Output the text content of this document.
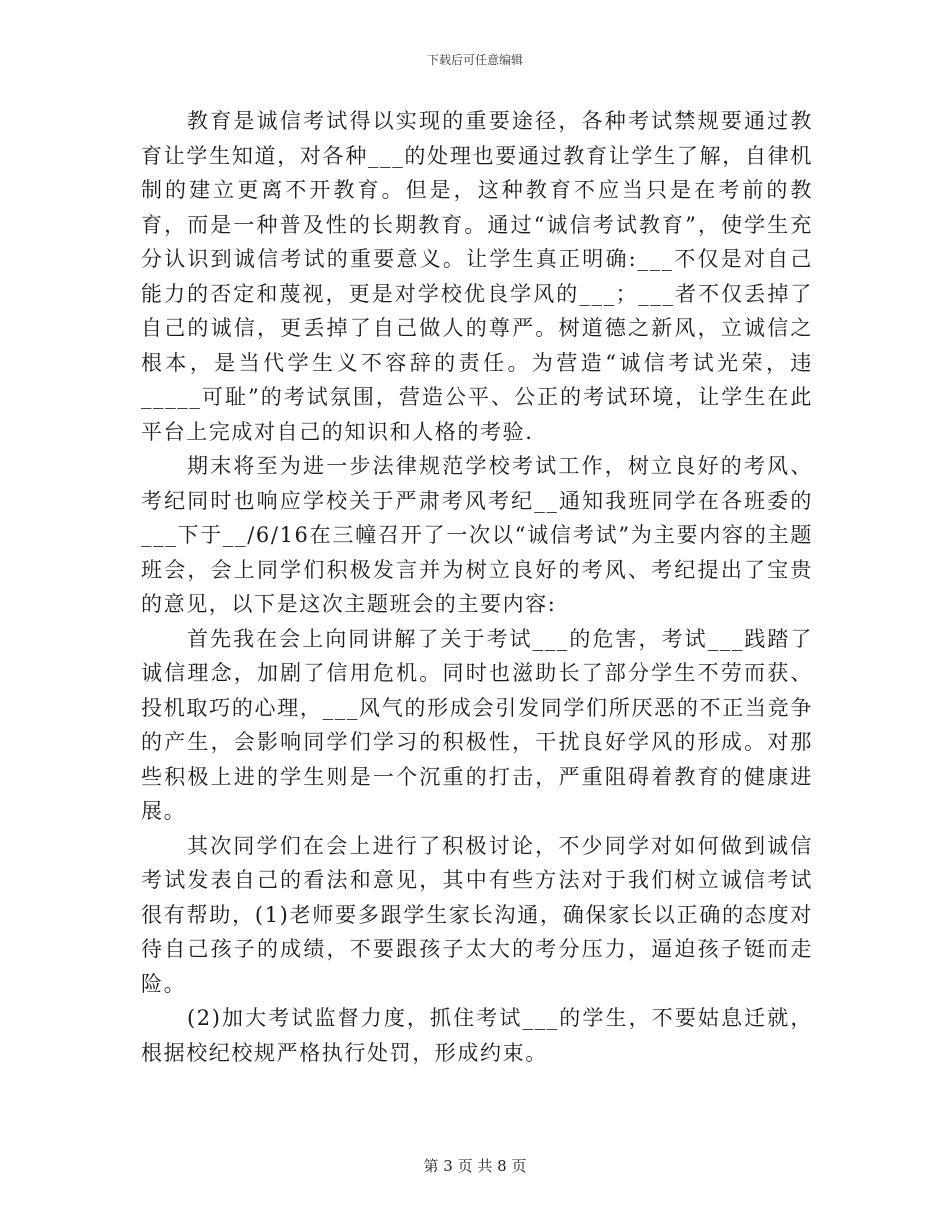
下载后可任意编辑

教育是诚信考试得以实现的重要途径，各种考试禁规要通过教育让学生知道，对各种___的处理也要通过教育让学生了解，自律机制的建立更离不开教育。但是，这种教育不应当只是在考前的教育，而是一种普及性的长期教育。通过“诚信考试教育”，使学生充分认识到诚信考试的重要意义。让学生真正明确:___不仅是对自己能力的否定和蔑视，更是对学校优良学风的___；___者不仅丢掉了自己的诚信，更丢掉了自己做人的尊严。树道德之新风，立诚信之根本，是当代学生义不容辞的责任。为营造“诚信考试光荣，违_____可耻”的考试氛围，营造公平、公正的考试环境，让学生在此平台上完成对自己的知识和人格的考验.

期末将至为进一步法律规范学校考试工作，树立良好的考风、考纪同时也响应学校关于严肃考风考纪__通知我班同学在各班委的___下于__/6/16在三幢召开了一次以“诚信考试”为主要内容的主题班会，会上同学们积极发言并为树立良好的考风、考纪提出了宝贵的意见，以下是这次主题班会的主要内容:

首先我在会上向同讲解了关于考试___的危害，考试___践踏了诚信理念，加剧了信用危机。同时也滋助长了部分学生不劳而获、投机取巧的心理，___风气的形成会引发同学们所厌恶的不正当竞争的产生，会影响同学们学习的积极性，干扰良好学风的形成。对那些积极上进的学生则是一个沉重的打击，严重阻碍着教育的健康进展。

其次同学们在会上进行了积极讨论，不少同学对如何做到诚信考试发表自己的看法和意见，其中有些方法对于我们树立诚信考试很有帮助，(1)老师要多跟学生家长沟通，确保家长以正确的态度对待自己孩子的成绩，不要跟孩子太大的考分压力，逼迫孩子铤而走险。

(2)加大考试监督力度，抓住考试___的学生，不要姑息迁就，根据校纪校规严格执行处罚，形成约束。

第 3 页 共 8 页
